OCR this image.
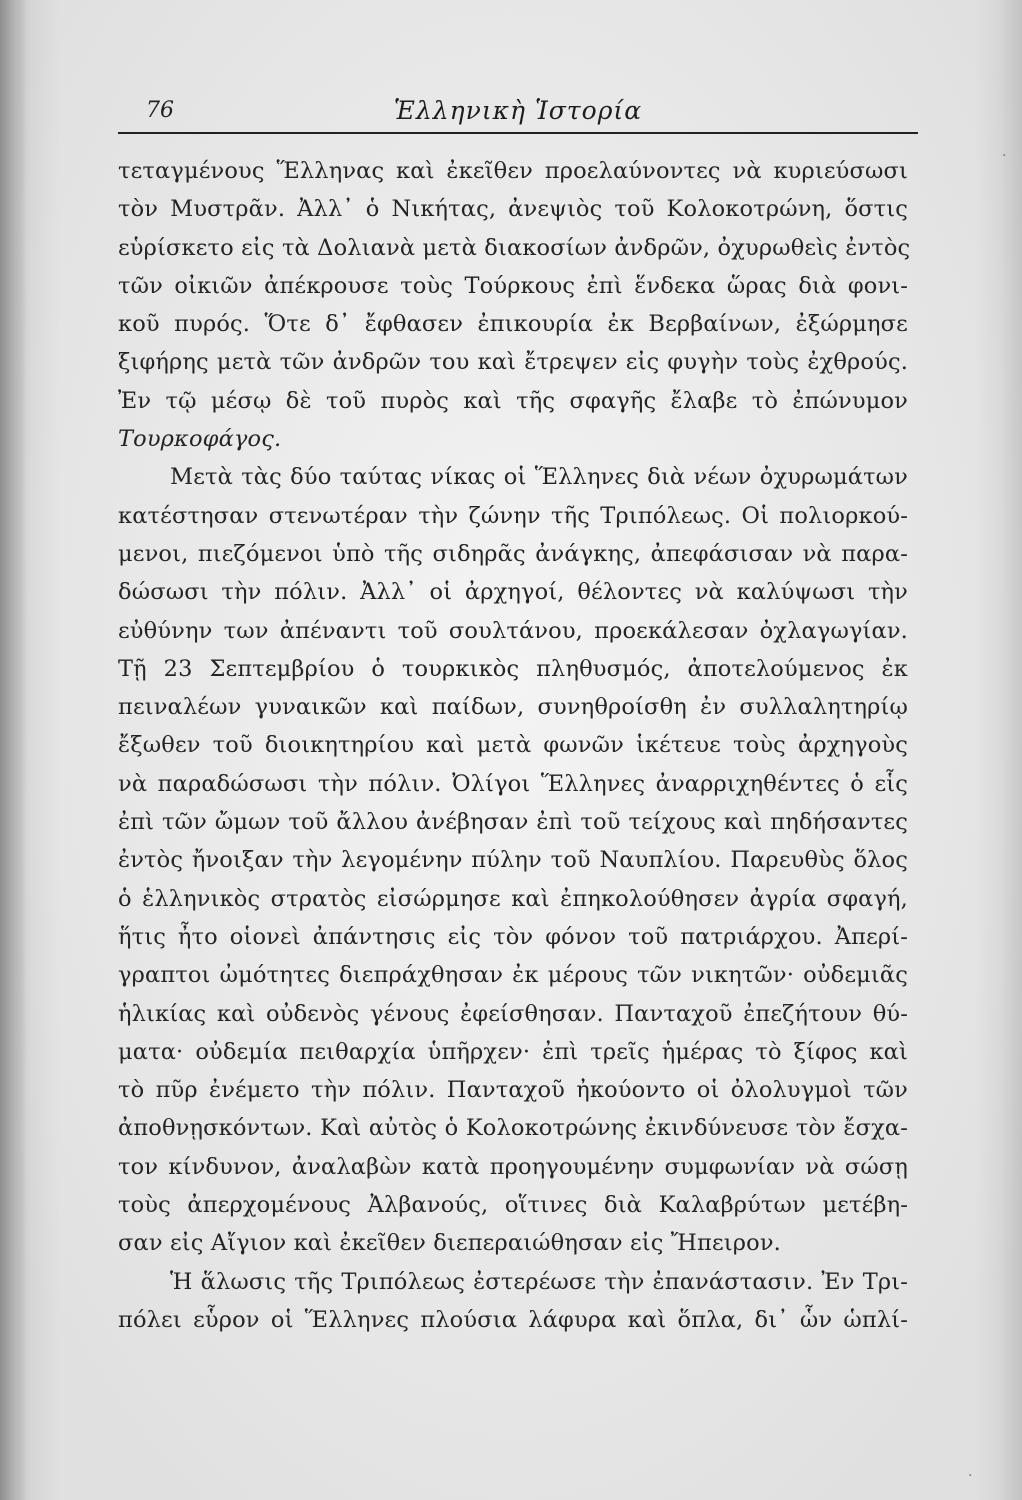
76	Ἑλληνικὴ Ἱστορία
τεταγμένους Ἕλληνας καὶ ἐκεῖθεν προελαύνοντες νὰ κυριεύσωσι
τὸν Μυστρᾶν. Ἀλλ᾽ ὁ Νικήτας, ἀνεψιὸς τοῦ Κολοκοτρώνη, ὅστις
εὑρίσκετο εἰς τὰ Δολιανὰ μετὰ διακοσίων ἀνδρῶν, ὀχυρωθεὶς ἐντὸς
τῶν οἰκιῶν ἀπέκρουσε τοὺς Τούρκους ἐπὶ ἕνδεκα ὥρας διὰ φονι-
κοῦ πυρός. Ὅτε δ᾽ ἔφθασεν ἐπικουρία ἐκ Βερβαίνων, ἐξώρμησε
ξιφήρης μετὰ τῶν ἀνδρῶν του καὶ ἔτρεψεν εἰς φυγὴν τοὺς ἐχθρούς.
Ἐν τῷ μέσῳ δὲ τοῦ πυρὸς καὶ τῆς σφαγῆς ἔλαβε τὸ ἐπώνυμον
Τουρκοφάγος.
Μετὰ τὰς δύο ταύτας νίκας οἱ Ἕλληνες διὰ νέων ὀχυρωμάτων
κατέστησαν στενωτέραν τὴν ζώνην τῆς Τριπόλεως. Οἱ πολιορκού-
μενοι, πιεζόμενοι ὑπὸ τῆς σιδηρᾶς ἀνάγκης, ἀπεφάσισαν νὰ παρα-
δώσωσι τὴν πόλιν. Ἀλλ᾽ οἱ ἀρχηγοί, θέλοντες νὰ καλύψωσι τὴν
εὐθύνην των ἀπέναντι τοῦ σουλτάνου, προεκάλεσαν ὀχλαγωγίαν.
Τῇ 23 Σεπτεμβρίου ὁ τουρκικὸς πληθυσμός, ἀποτελούμενος ἐκ
πειναλέων γυναικῶν καὶ παίδων, συνηθροίσθη ἐν συλλαλητηρίῳ
ἔξωθεν τοῦ διοικητηρίου καὶ μετὰ φωνῶν ἱκέτευε τοὺς ἀρχηγοὺς
νὰ παραδώσωσι τὴν πόλιν. Ὀλίγοι Ἕλληνες ἀναρριχηθέντες ὁ εἷς
ἐπὶ τῶν ὤμων τοῦ ἄλλου ἀνέβησαν ἐπὶ τοῦ τείχους καὶ πηδήσαντες
ἐντὸς ἤνοιξαν τὴν λεγομένην πύλην τοῦ Ναυπλίου. Παρευθὺς ὅλος
ὁ ἑλληνικὸς στρατὸς εἰσώρμησε καὶ ἐπηκολούθησεν ἀγρία σφαγή,
ἥτις ἦτο οἱονεὶ ἀπάντησις εἰς τὸν φόνον τοῦ πατριάρχου. Ἀπερί-
γραπτοι ὠμότητες διεπράχθησαν ἐκ μέρους τῶν νικητῶν· οὐδεμιᾶς
ἡλικίας καὶ οὐδενὸς γένους ἐφείσθησαν. Πανταχοῦ ἐπεζήτουν θύ-
ματα· οὐδεμία πειθαρχία ὑπῆρχεν· ἐπὶ τρεῖς ἡμέρας τὸ ξίφος καὶ
τὸ πῦρ ἐνέμετο τὴν πόλιν. Πανταχοῦ ἠκούοντο οἱ ὀλολυγμοὶ τῶν
ἀποθνῃσκόντων. Καὶ αὐτὸς ὁ Κολοκοτρώνης ἐκινδύνευσε τὸν ἔσχα-
τον κίνδυνον, ἀναλαβὼν κατὰ προηγουμένην συμφωνίαν νὰ σώσῃ
τοὺς ἀπερχομένους Ἀλβανούς, οἵτινες διὰ Καλαβρύτων μετέβη-
σαν εἰς Αἴγιον καὶ ἐκεῖθεν διεπεραιώθησαν εἰς Ἤπειρον.
Ἡ ἅλωσις τῆς Τριπόλεως ἐστερέωσε τὴν ἐπανάστασιν. Ἐν Τρι-
πόλει εὗρον οἱ Ἕλληνες πλούσια λάφυρα καὶ ὅπλα, δι᾽ ὧν ὡπλί-
·
·
